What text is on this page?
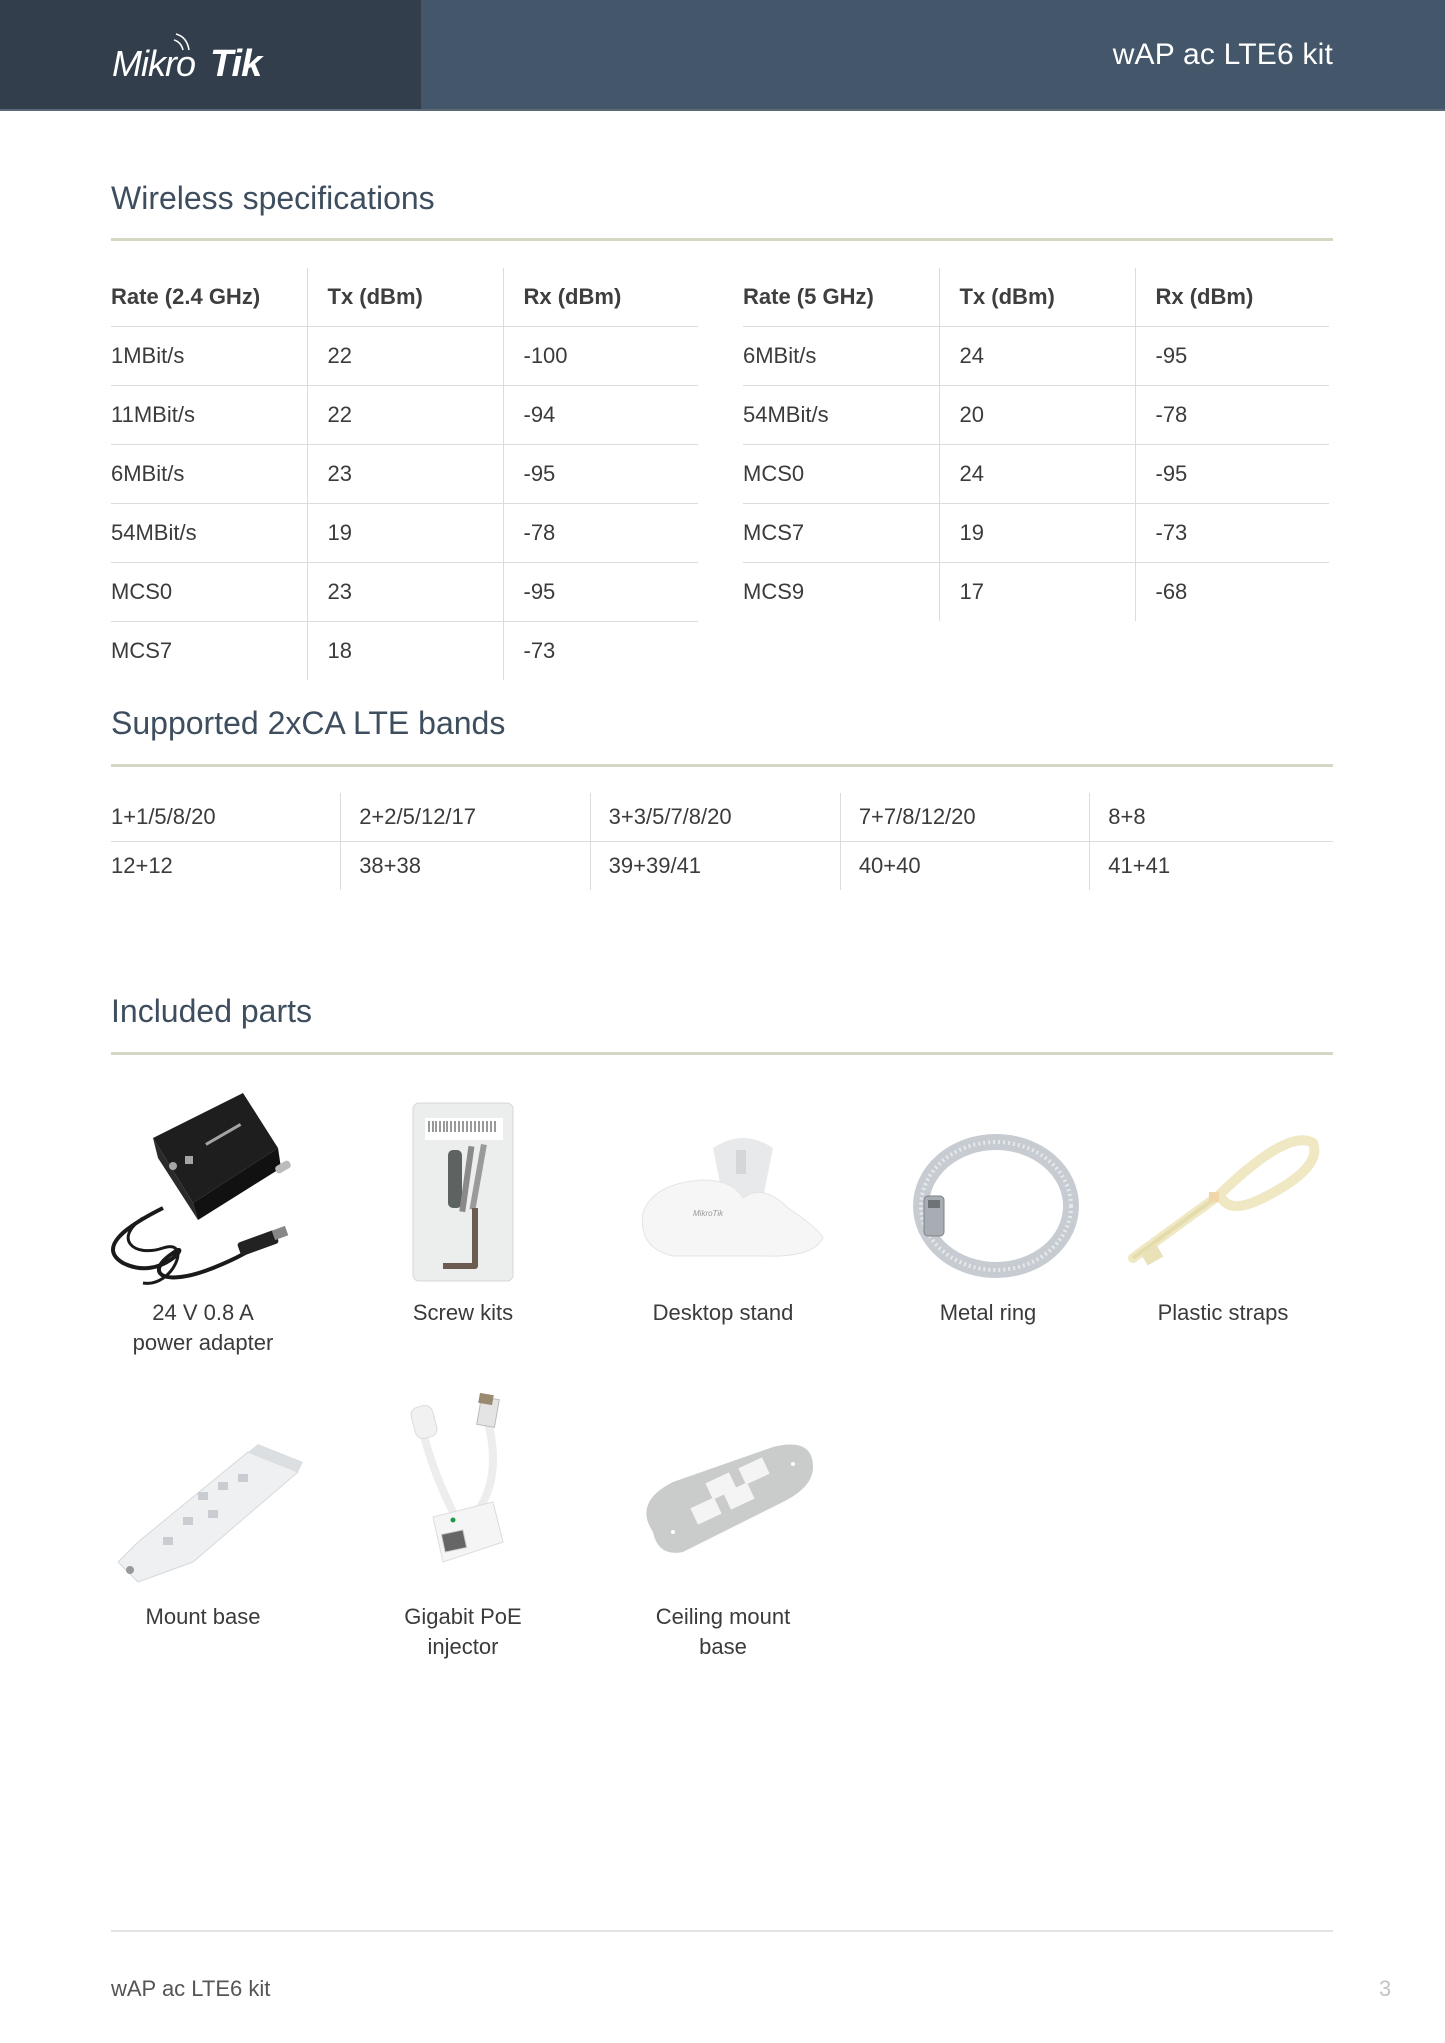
Mikro Tik	wAP ac LTE6 kit
Wireless specifications
Rate (2.4 GHz)	Tx (dBm)	Rx (dBm)
1MBit/s	22	-100
11MBit/s	22	-94
6MBit/s	23	-95
54MBit/s	19	-78
MCS0	23	-95
MCS7	18	-73
Rate (5 GHz)	Tx (dBm)	Rx (dBm)
6MBit/s	24	-95
54MBit/s	20	-78
MCS0	24	-95
MCS7	19	-73
MCS9	17	-68
Supported 2xCA LTE bands
1+1/5/8/20	2+2/5/12/17	3+3/5/7/8/20	7+7/8/12/20	8+8
12+12	38+38	39+39/41	40+40	41+41
Included parts
24 V 0.8 A
power adapter
Screw kits
MikroTik
Desktop stand	Metal ring	Plastic straps
Mount base	Gigabit PoE
injector
Ceiling mount
base
wAP ac LTE6 kit	3
